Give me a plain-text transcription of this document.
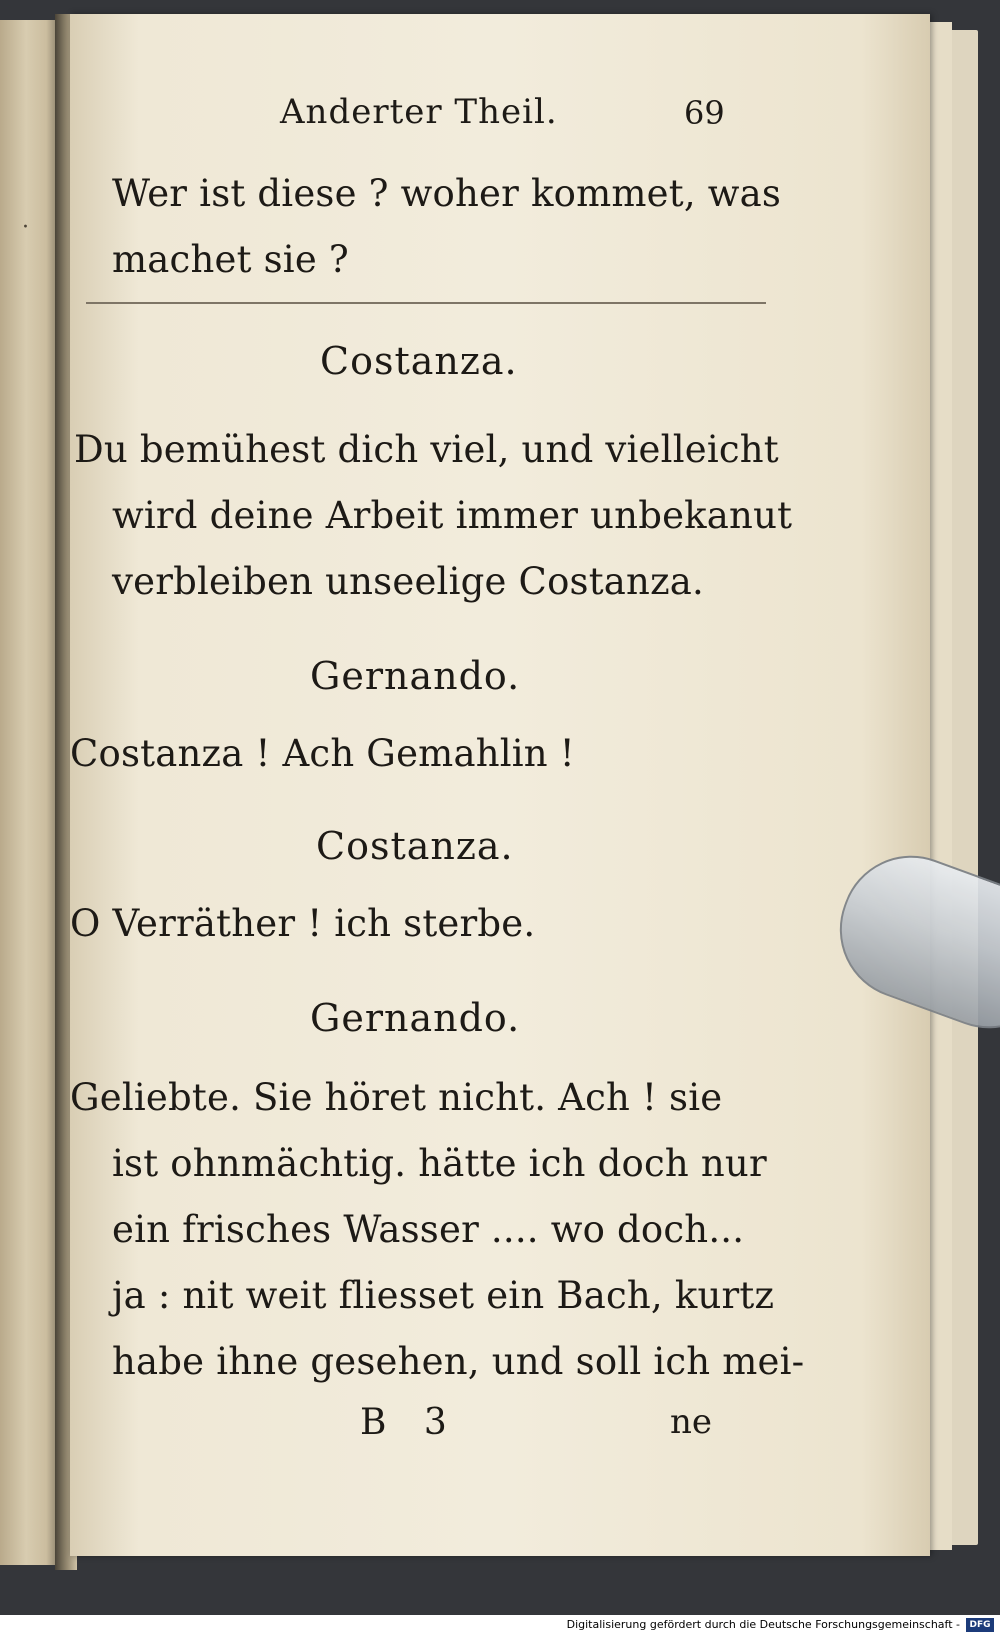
·
Anderter Theil.	69
Wer ist diese ? woher kommet, was
machet sie ?
Costanza.
Du bemühest dich viel, und vielleicht
wird deine Arbeit immer unbekanut
verbleiben unseelige Costanza.
Gernando.
Costanza ! Ach Gemahlin !
Costanza.
O Verräther ! ich sterbe.
Gernando.
Geliebte. Sie höret nicht. Ach ! sie
ist ohnmächtig. hätte ich doch nur
ein frisches Wasser .... wo doch...
ja : nit weit fliesset ein Bach, kurtz
habe ihne gesehen, und soll ich mei-
B 3	ne
Digitalisierung gefördert durch die Deutsche Forschungsgemeinschaft -	DFG
